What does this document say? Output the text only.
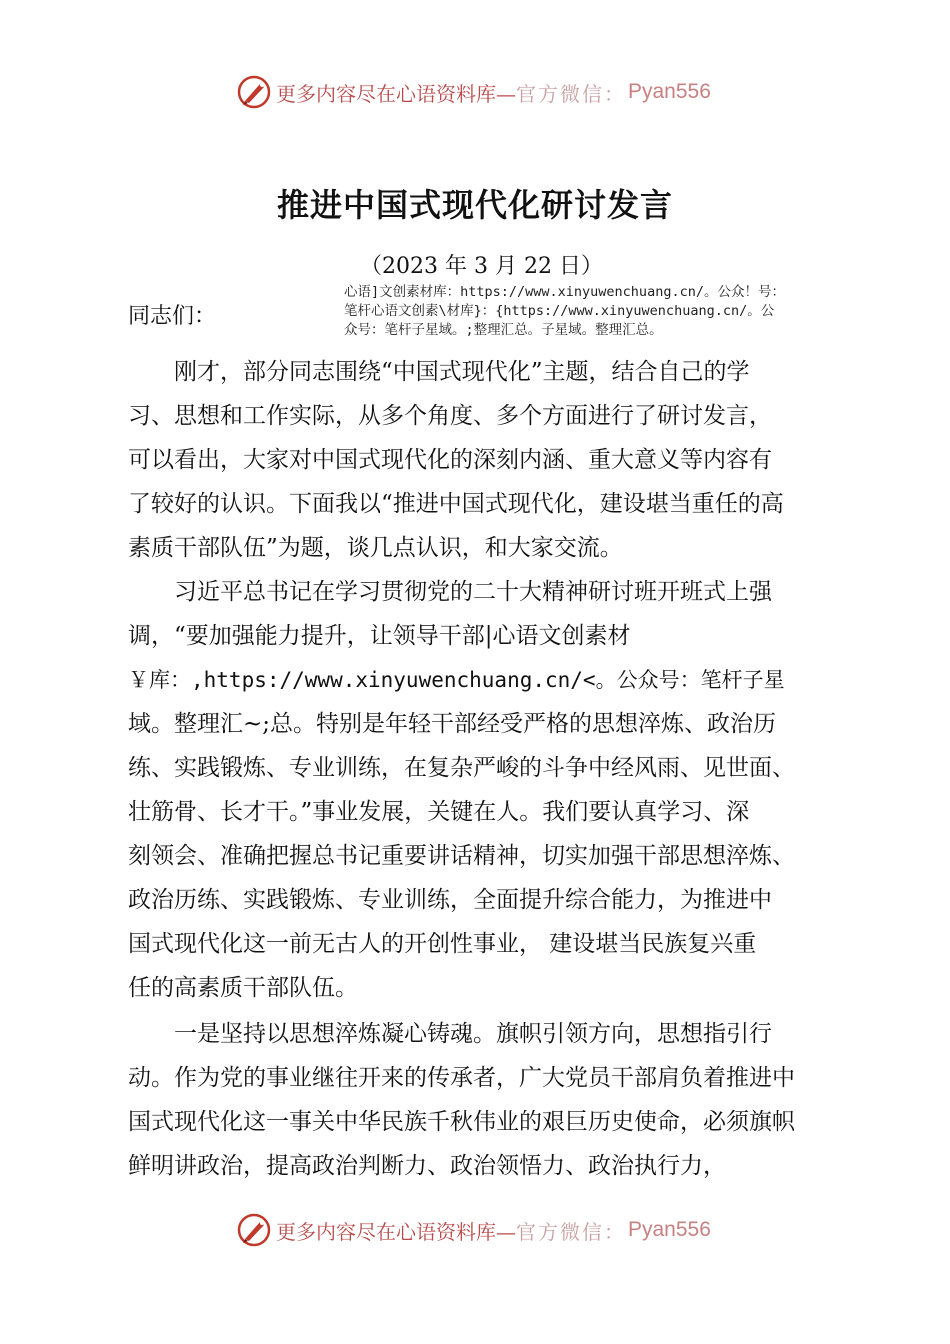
更多内容尽在心语资料库— 官方微信： Pyan556
推进中国式现代化研讨发言
（2023 年 3 月 22 日）
心语]文创素材库：https://www.xinyuwenchuang.cn/。公众！号：
笔杆心语文创素\材库}：{https://www.xinyuwenchuang.cn/。公
众号：笔杆子星域。;整理汇总。子星域。整理汇总。
同志们：
　　刚才，部分同志围绕“中国式现代化”主题，结合自己的学
习、思想和工作实际，从多个角度、多个方面进行了研讨发言，
可以看出，大家对中国式现代化的深刻内涵、重大意义等内容有
了较好的认识。下面我以“推进中国式现代化，建设堪当重任的高
素质干部队伍”为题，谈几点认识，和大家交流。
　　习近平总书记在学习贯彻党的二十大精神研讨班开班式上强
调，“要加强能力提升，让领导干部|心语文创素材
￥库：,https://www.xinyuwenchuang.cn/<。公众号：笔杆子星
域。整理汇~;总。特别是年轻干部经受严格的思想淬炼、政治历
练、实践锻炼、专业训练，在复杂严峻的斗争中经风雨、见世面、
壮筋骨、长才干。”事业发展，关键在人。我们要认真学习、深
刻领会、准确把握总书记重要讲话精神，切实加强干部思想淬炼、
政治历练、实践锻炼、专业训练，全面提升综合能力，为推进中
国式现代化这一前无古人的开创性事业， 建设堪当民族复兴重
任的高素质干部队伍。
　　一是坚持以思想淬炼凝心铸魂。旗帜引领方向，思想指引行
动。作为党的事业继往开来的传承者，广大党员干部肩负着推进中
国式现代化这一事关中华民族千秋伟业的艰巨历史使命，必须旗帜
鲜明讲政治，提高政治判断力、政治领悟力、政治执行力，
更多内容尽在心语资料库— 官方微信： Pyan556
